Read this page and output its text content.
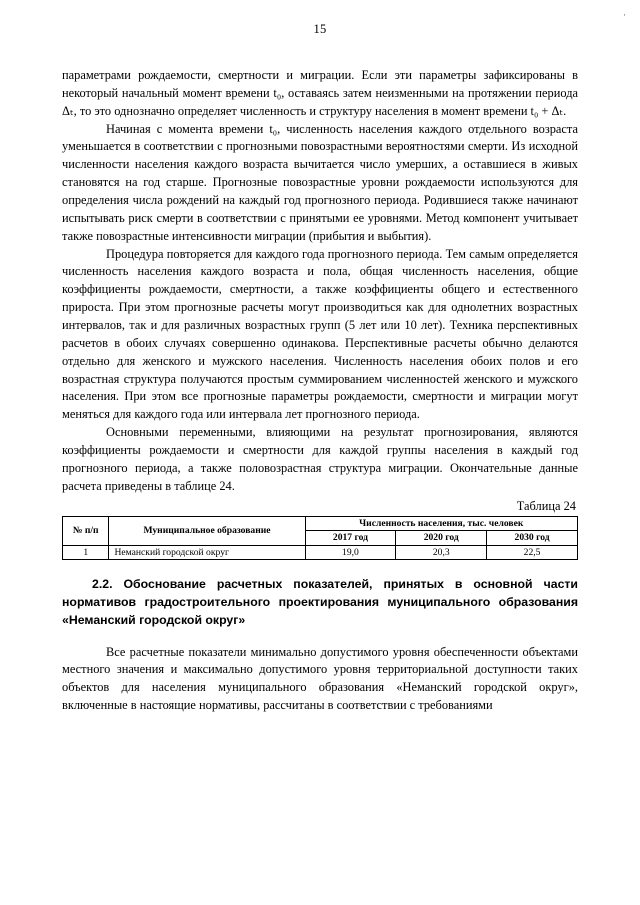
·
15

параметрами рождаемости, смертности и миграции. Если эти параметры зафиксированы в некоторый начальный момент времени t₀, оставаясь затем неизменными на протяжении периода Δₜ, то это однозначно определяет численность и структуру населения в момент времени t₀ + Δₜ.

Начиная с момента времени t₀, численность населения каждого отдельного возраста уменьшается в соответствии с прогнозными повозрастными вероятностями смерти. Из исходной численности населения каждого возраста вычитается число умерших, а оставшиеся в живых становятся на год старше. Прогнозные повозрастные уровни рождаемости используются для определения числа рождений на каждый год прогнозного периода. Родившиеся также начинают испытывать риск смерти в соответствии с принятыми ее уровнями. Метод компонент учитывает также повозрастные интенсивности миграции (прибытия и выбытия).

Процедура повторяется для каждого года прогнозного периода. Тем самым определяется численность населения каждого возраста и пола, общая численность населения, общие коэффициенты рождаемости, смертности, а также коэффициенты общего и естественного прироста. При этом прогнозные расчеты могут производиться как для однолетних возрастных интервалов, так и для различных возрастных групп (5 лет или 10 лет). Техника перспективных расчетов в обоих случаях совершенно одинакова. Перспективные расчеты обычно делаются отдельно для женского и мужского населения. Численность населения обоих полов и его возрастная структура получаются простым суммированием численностей женского и мужского населения. При этом все прогнозные параметры рождаемости, смертности и миграции могут меняться для каждого года или интервала лет прогнозного периода.

Основными переменными, влияющими на результат прогнозирования, являются коэффициенты рождаемости и смертности для каждой группы населения в каждый год прогнозного периода, а также половозрастная структура миграции. Окончательные данные расчета приведены в таблице 24.

Таблица 24
№ п/п	Муниципальное образование	Численность населения, тыс. человек		
		2017 год	2020 год	2030 год
1	Неманский городской округ	19,0	20,3	22,5
2.2. Обоснование расчетных показателей, принятых в основной части нормативов градостроительного проектирования муниципального образования «Неманский городской округ»

Все расчетные показатели минимально допустимого уровня обеспеченности объектами местного значения и максимально допустимого уровня территориальной доступности таких объектов для населения муниципального образования «Неманский городской округ», включенные в настоящие нормативы, рассчитаны в соответствии с требованиями
